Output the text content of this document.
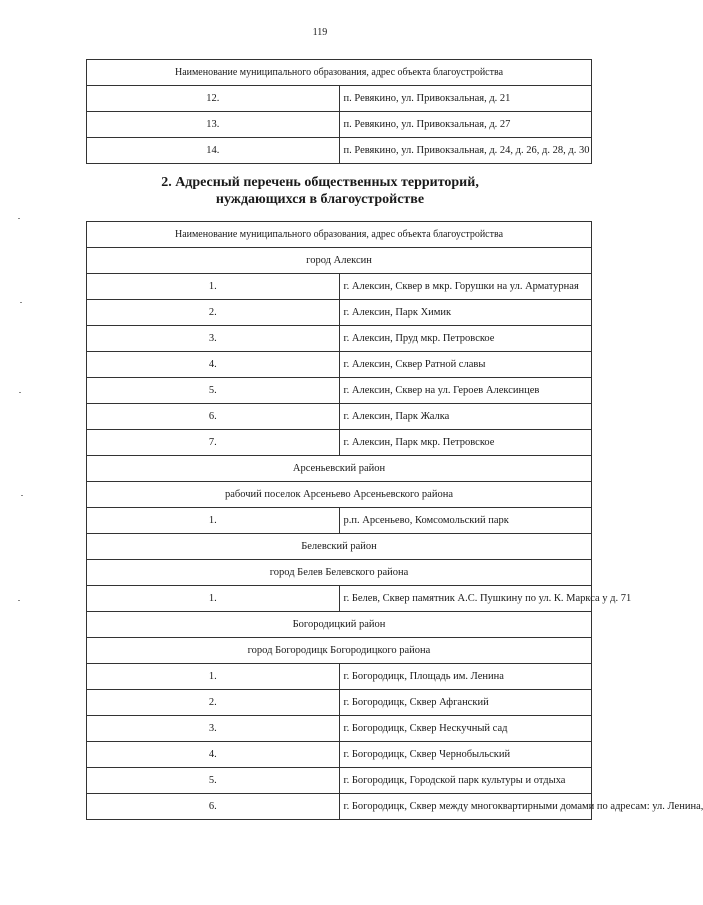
119
Наименование муниципального образования, адрес объекта благоустройства	
12.	п. Ревякино, ул. Привокзальная, д. 21
13.	п. Ревякино, ул. Привокзальная, д. 27
14.	п. Ревякино, ул. Привокзальная, д. 24, д. 26, д. 28, д. 30
2. Адресный перечень общественных территорий,
нуждающихся в благоустройстве
Наименование муниципального образования, адрес объекта благоустройства	
город Алексин	
1.	г. Алексин, Сквер в мкр. Горушки на ул. Арматурная
2.	г. Алексин, Парк Химик
3.	г. Алексин, Пруд мкр. Петровское
4.	г. Алексин, Сквер Ратной славы
5.	г. Алексин, Сквер на ул. Героев Алексинцев
6.	г. Алексин, Парк Жалка
7.	г. Алексин, Парк мкр. Петровское
Арсеньевский район	
рабочий поселок Арсеньево Арсеньевского района	
1.	р.п. Арсеньево, Комсомольский парк
Белевский район	
город Белев Белевского района	
1.	г. Белев, Сквер памятник А.С. Пушкину по ул. К. Маркса у д. 71
Богородицкий район	
город Богородицк Богородицкого района	
1.	г. Богородицк, Площадь им. Ленина
2.	г. Богородицк, Сквер Афганский
3.	г. Богородицк, Сквер Нескучный сад
4.	г. Богородицк, Сквер Чернобыльский
5.	г. Богородицк, Городской парк культуры и отдыха
6.	г. Богородицк, Сквер между многоквартирными домами по адресам: ул. Ленина,
